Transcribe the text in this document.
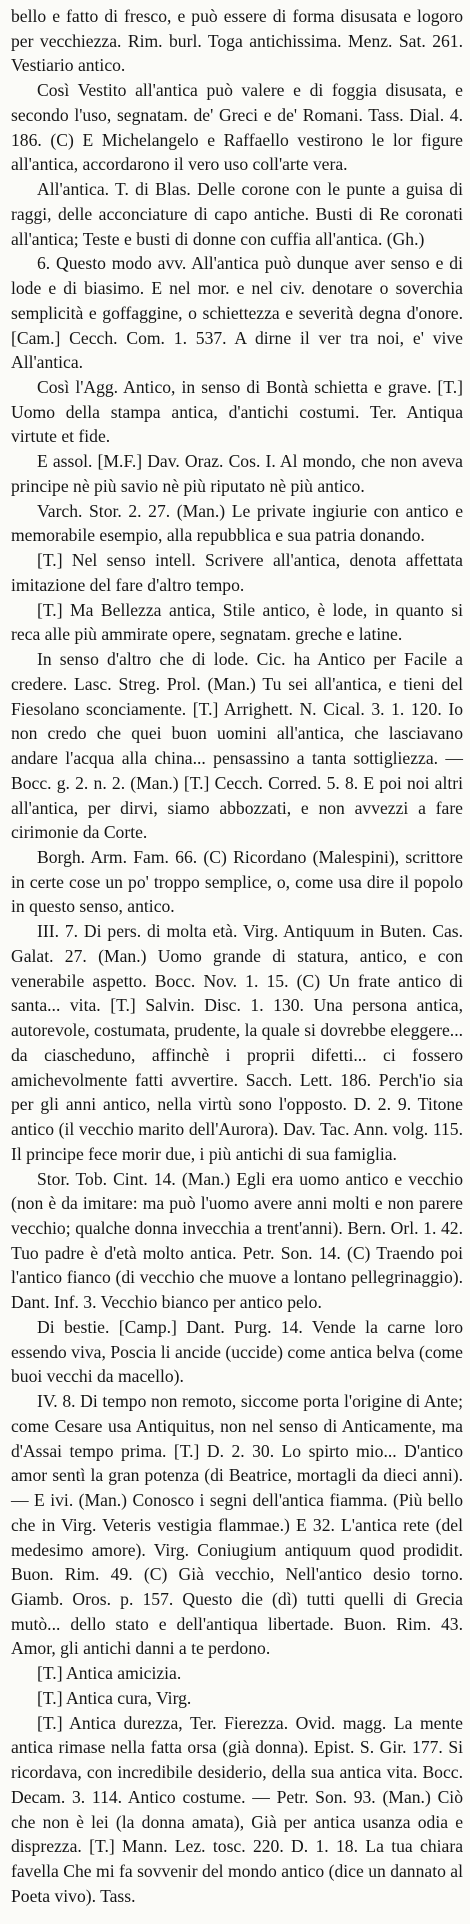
bello e fatto di fresco, e può essere di forma disusata e logoro per vecchiezza. Rim. burl. Toga antichissima. Menz. Sat. 261. Vestiario antico.

Così Vestito all'antica può valere e di foggia disusata, e secondo l'uso, segnatam. de' Greci e de' Romani. Tass. Dial. 4. 186. (C) E Michelangelo e Raffaello vestirono le lor figure all'antica, accordarono il vero uso coll'arte vera.

All'antica. T. di Blas. Delle corone con le punte a guisa di raggi, delle acconciature di capo antiche. Busti di Re coronati all'antica; Teste e busti di donne con cuffia all'antica. (Gh.)

6. Questo modo avv. All'antica può dunque aver senso e di lode e di biasimo. E nel mor. e nel civ. denotare o soverchia semplicità e goffaggine, o schiettezza e severità degna d'onore. [Cam.] Cecch. Com. 1. 537. A dirne il ver tra noi, e' vive All'antica.

Così l'Agg. Antico, in senso di Bontà schietta e grave. [T.] Uomo della stampa antica, d'antichi costumi. Ter. Antiqua virtute et fide.

E assol. [M.F.] Dav. Oraz. Cos. I. Al mondo, che non aveva principe nè più savio nè più riputato nè più antico.

Varch. Stor. 2. 27. (Man.) Le private ingiurie con antico e memorabile esempio, alla repubblica e sua patria donando.

[T.] Nel senso intell. Scrivere all'antica, denota affettata imitazione del fare d'altro tempo.

[T.] Ma Bellezza antica, Stile antico, è lode, in quanto si reca alle più ammirate opere, segnatam. greche e latine.

In senso d'altro che di lode. Cic. ha Antico per Facile a credere. Lasc. Streg. Prol. (Man.) Tu sei all'antica, e tieni del Fiesolano sconciamente. [T.] Arrighett. N. Cical. 3. 1. 120. Io non credo che quei buon uomini all'antica, che lasciavano andare l'acqua alla china... pensassino a tanta sottigliezza. — Bocc. g. 2. n. 2. (Man.) [T.] Cecch. Corred. 5. 8. E poi noi altri all'antica, per dirvi, siamo abbozzati, e non avvezzi a fare cirimonie da Corte.

Borgh. Arm. Fam. 66. (C) Ricordano (Malespini), scrittore in certe cose un po' troppo semplice, o, come usa dire il popolo in questo senso, antico.

III. 7. Di pers. di molta età. Virg. Antiquum in Buten. Cas. Galat. 27. (Man.) Uomo grande di statura, antico, e con venerabile aspetto. Bocc. Nov. 1. 15. (C) Un frate antico di santa... vita. [T.] Salvin. Disc. 1. 130. Una persona antica, autorevole, costumata, prudente, la quale si dovrebbe eleggere... da ciascheduno, affinchè i proprii difetti... ci fossero amichevolmente fatti avvertire. Sacch. Lett. 186. Perch'io sia per gli anni antico, nella virtù sono l'opposto. D. 2. 9. Titone antico (il vecchio marito dell'Aurora). Dav. Tac. Ann. volg. 115. Il principe fece morir due, i più antichi di sua famiglia.

Stor. Tob. Cint. 14. (Man.) Egli era uomo antico e vecchio (non è da imitare: ma può l'uomo avere anni molti e non parere vecchio; qualche donna invecchia a trent'anni). Bern. Orl. 1. 42. Tuo padre è d'età molto antica. Petr. Son. 14. (C) Traendo poi l'antico fianco (di vecchio che muove a lontano pellegrinaggio). Dant. Inf. 3. Vecchio bianco per antico pelo.

Di bestie. [Camp.] Dant. Purg. 14. Vende la carne loro essendo viva, Poscia li ancide (uccide) come antica belva (come buoi vecchi da macello).

IV. 8. Di tempo non remoto, siccome porta l'origine di Ante; come Cesare usa Antiquitus, non nel senso di Anticamente, ma d'Assai tempo prima. [T.] D. 2. 30. Lo spirto mio... D'antico amor sentì la gran potenza (di Beatrice, mortagli da dieci anni). — E ivi. (Man.) Conosco i segni dell'antica fiamma. (Più bello che in Virg. Veteris vestigia flammae.) E 32. L'antica rete (del medesimo amore). Virg. Coniugium antiquum quod prodidit. Buon. Rim. 49. (C) Già vecchio, Nell'antico desio torno. Giamb. Oros. p. 157. Questo die (dì) tutti quelli di Grecia mutò... dello stato e dell'antiqua libertade. Buon. Rim. 43. Amor, gli antichi danni a te perdono.

[T.] Antica amicizia.

[T.] Antica cura, Virg.

[T.] Antica durezza, Ter. Fierezza. Ovid. magg. La mente antica rimase nella fatta orsa (già donna). Epist. S. Gir. 177. Si ricordava, con incredibile desiderio, della sua antica vita. Bocc. Decam. 3. 114. Antico costume. — Petr. Son. 93. (Man.) Ciò che non è lei (la donna amata), Già per antica usanza odia e disprezza. [T.] Mann. Lez. tosc. 220. D. 1. 18. La tua chiara favella Che mi fa sovvenir del mondo antico (dice un dannato al Poeta vivo). Tass.
